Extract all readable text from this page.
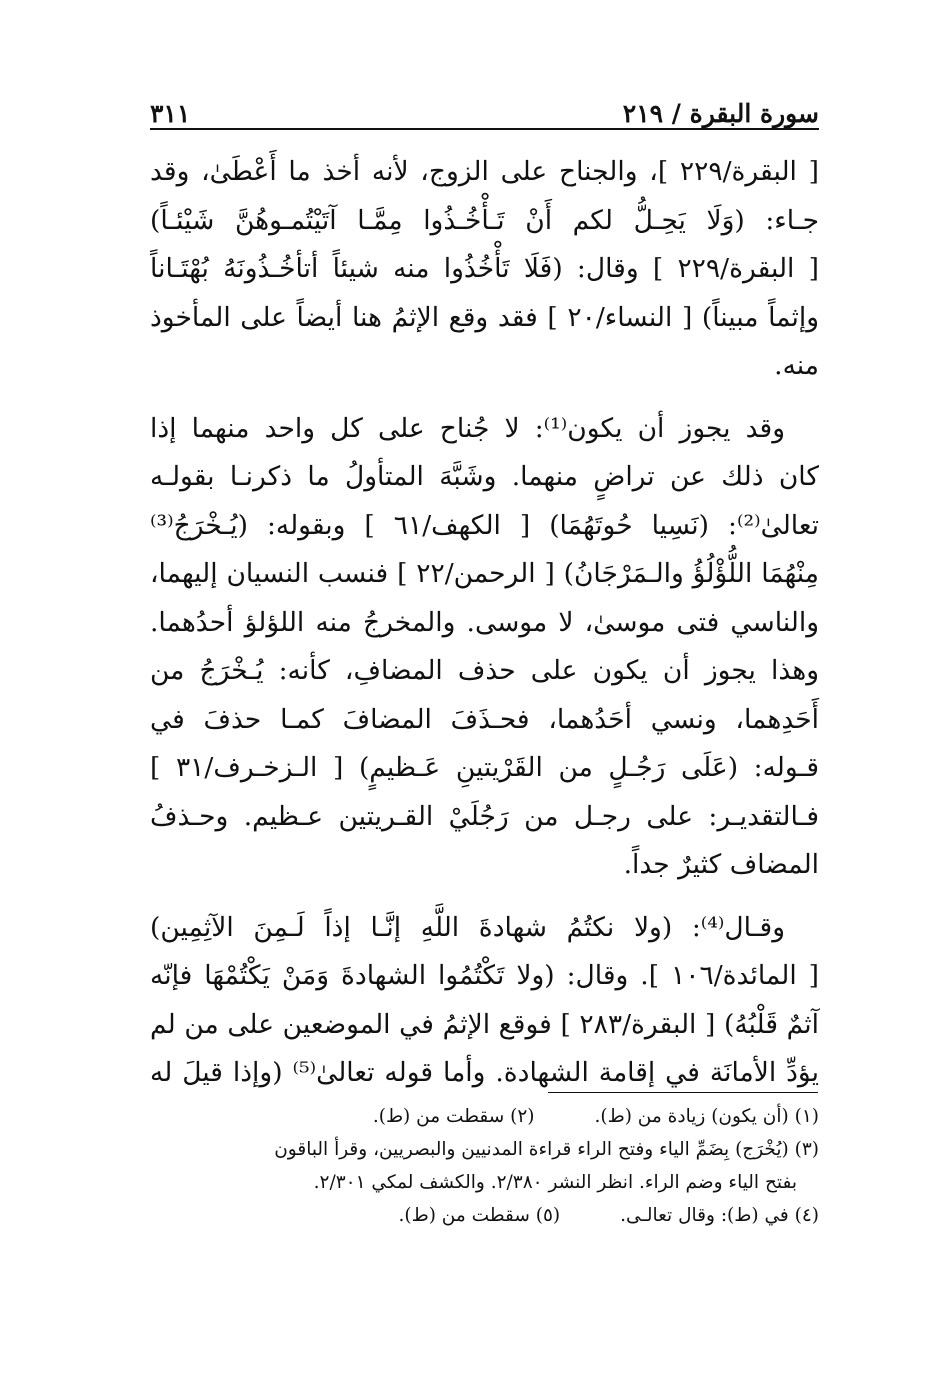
سورة البقرة / ٢١٩
٣١١

[ البقرة/٢٢٩ ]، والجناح على الزوج، لأنه أخذ ما أَعْطَىٰ، وقد
جـاء: (وَلَا يَحِـلُّ لكم أَنْ تَـأْخُـذُوا مِمَّـا آتَيْتُمـوهُنَّ شَيْئـاً)
[ البقرة/٢٢٩ ] وقال: (فَلَا تَأْخُذُوا منه شيئاً أتأخُـذُونَهُ بُهْتَـاناً
وإثماً مبيناً) [ النساء/٢٠ ] فقد وقع الإثمُ هنا أيضاً على المأخوذ
منه.

وقد يجوز أن يكون⁽¹⁾: لا جُناح على كل واحد منهما إذا
كان ذلك عن تراضٍ منهما. وشَبَّهَ المتأولُ ما ذكرنـا بقولـه
تعالىٰ⁽²⁾: (نَسِيا حُوتَهُمَا) [ الكهف/٦١ ] وبقوله: (يُـخْرَجُ⁽³⁾
مِنْهُمَا اللُّؤْلُؤُ والـمَرْجَانُ) [ الرحمن/٢٢ ] فنسب النسيان إليهما،
والناسي فتى موسىٰ، لا موسى. والمخرجُ منه اللؤلؤ أحدُهما.
وهذا يجوز أن يكون على حذف المضافِ، كأنه: يُـخْرَجُ من
أَحَدِهما، ونسي أحَدُهما، فحـذَفَ المضافَ كمـا حذفَ في
قـوله: (عَلَى رَجُـلٍ من القَرْيتينِ عَـظيمٍ) [ الـزخـرف/٣١ ]
فـالتقديـر: على رجـل من رَجُلَيْ القـريتين عـظيم. وحـذفُ
المضاف كثيرٌ جداً.

وقـال⁽⁴⁾: (ولا نكتُمُ شهادةَ اللَّهِ إنَّـا إذاً لَـمِنَ الآثِمِين)
[ المائدة/١٠٦ ]. وقال: (ولا تَكْتُمُوا الشهادةَ وَمَنْ يَكْتُمْهَا فإنّه
آثمٌ قَلْبُهُ) [ البقرة/٢٨٣ ] فوقع الإثمُ في الموضعين على من لم
يؤدِّ الأمانَة في إقامة الشهادة. وأما قوله تعالىٰ⁽⁵⁾ (وإذا قيلَ له

(١) (أن يكون) زيادة من (ط).
(٢) سقطت من (ط).
(٣) (يُخْرَج) بِضَمِّ الياء وفتح الراء قراءة المدنيين والبصريين، وقرأ الباقون
بفتح الياء وضم الراء. انظر النشر ٢/٣٨٠. والكشف لمكي ٢/٣٠١.
(٤) في (ط): وقال تعالـى.
(٥) سقطت من (ط).
